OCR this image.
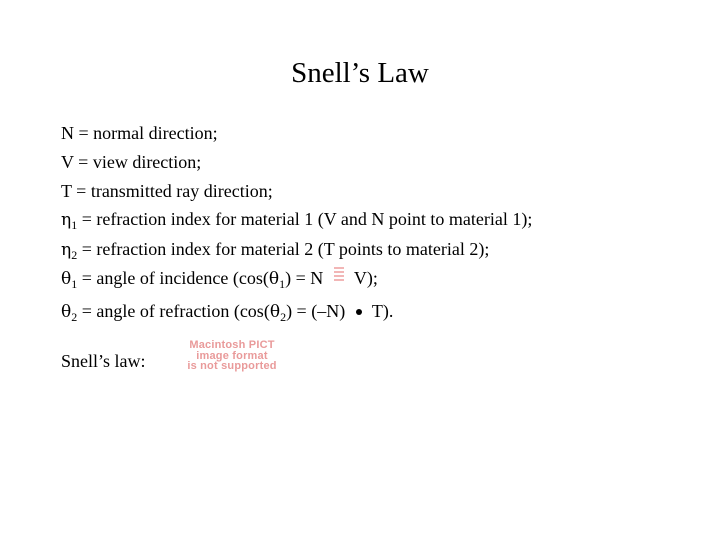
Snell’s Law
N = normal direction;
V = view direction;
T = transmitted ray direction;
$\eta_1$ = refraction index for material 1 (V and N point to material 1);
$\eta_2$ = refraction index for material 2 (T points to material 2);
$\theta_1$ = angle of incidence ($\cos(\theta_1) = N$
V);
$\theta_2$ = angle of refraction ($\cos(\theta_2) = (-N)$  T).
Snell’s law:
Macintosh PICT
image format
is not supported
